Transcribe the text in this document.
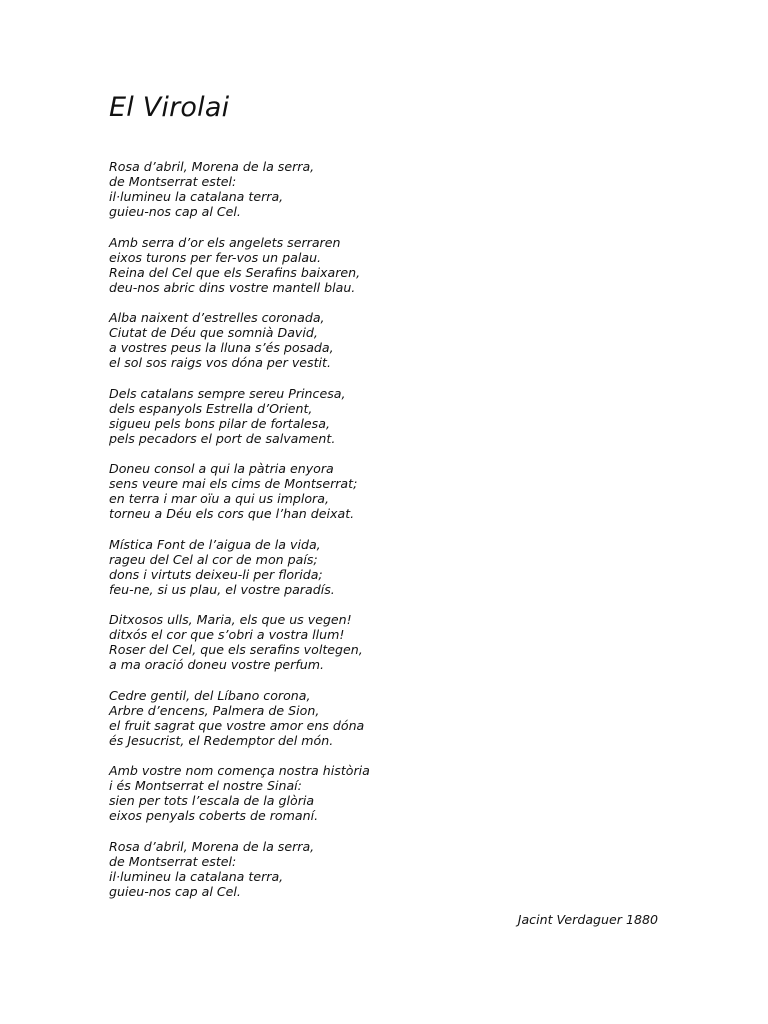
El Virolai
Rosa d’abril, Morena de la serra,
de Montserrat estel:
il·lumineu la catalana terra,
guieu-nos cap al Cel.
Amb serra d’or els angelets serraren
eixos turons per fer-vos un palau.
Reina del Cel que els Serafins baixaren,
deu-nos abric dins vostre mantell blau.
Alba naixent d’estrelles coronada,
Ciutat de Déu que somnià David,
a vostres peus la lluna s’és posada,
el sol sos raigs vos dóna per vestit.
Dels catalans sempre sereu Princesa,
dels espanyols Estrella d’Orient,
sigueu pels bons pilar de fortalesa,
pels pecadors el port de salvament.
Doneu consol a qui la pàtria enyora
sens veure mai els cims de Montserrat;
en terra i mar oïu a qui us implora,
torneu a Déu els cors que l’han deixat.
Mística Font de l’aigua de la vida,
rageu del Cel al cor de mon país;
dons i virtuts deixeu-li per florida;
feu-ne, si us plau, el vostre paradís.
Ditxosos ulls, Maria, els que us vegen!
ditxós el cor que s’obri a vostra llum!
Roser del Cel, que els serafins voltegen,
a ma oració doneu vostre perfum.
Cedre gentil, del Líbano corona,
Arbre d’encens, Palmera de Sion,
el fruit sagrat que vostre amor ens dóna
és Jesucrist, el Redemptor del món.
Amb vostre nom comença nostra història
i és Montserrat el nostre Sinaí:
sien per tots l’escala de la glòria
eixos penyals coberts de romaní.
Rosa d’abril, Morena de la serra,
de Montserrat estel:
il·lumineu la catalana terra,
guieu-nos cap al Cel.
Jacint Verdaguer 1880
